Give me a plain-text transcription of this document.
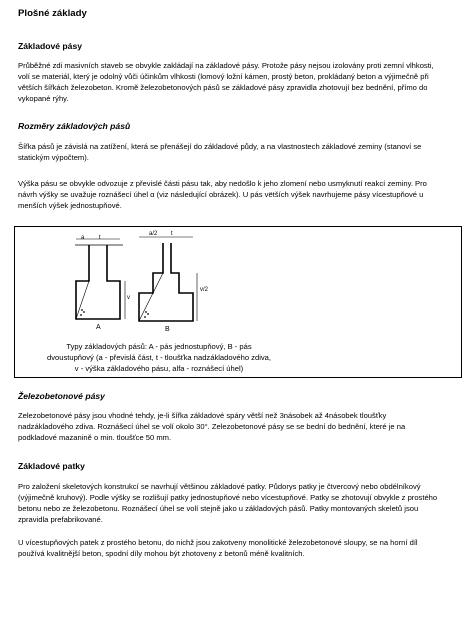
Plošné základy
Základové pásy

Průběžné zdi masivních staveb se obvykle zakládají na základové pásy. Protože pásy nejsou izolovány proti zemní vlhkosti, volí se materiál, který je odolný vůči účinkům vlhkosti (lomový ložní kámen, prostý beton, prokládaný beton a výjimečně při větších šířkách železobeton. Kromě železobetonových pásů se základové pásy zpravidla zhotovují bez bednění, přímo do vykopané rýhy.

Rozměry základových pásů

Šířka pásů je závislá na zatížení, která se přenášejí do základové půdy, a na vlastnostech základové zeminy (stanoví se statickým výpočtem).

Výška pásu se obvykle odvozuje z převislé části pásu tak, aby nedošlo k jeho zlomení nebo usmyknutí reakcí zeminy. Pro návrh výšky se uvažuje roznášecí úhel α (viz následující obrázek). U pás vëtších výšek navrhujeme pásy vícestupňové u menších výšek jednostupňové.

a t
v
a/2 t
v/2
A	B
Typy základových pásů: A - pás jednostupňový, B - pás dvoustupňový (a - převislá část, t - tloušťka nadzákladového zdiva, v - výška základového pásu, alfa - roznášecí úhel)
Železobetonové pásy

Zelezobetonové pásy jsou vhodné tehdy, je-li šířka základové spáry větší než 3násobek až 4násobek tloušťky nadzákladového zdiva. Roznášecí úhel se volí okolo 30°. Zelezobetonové pásy se se bední do bednění, které je na podkladové mazanině o min. tloušťce 50 mm.

Základové patky

Pro založení skeletových konstrukcí se navrhují většinou základové patky. Půdorys patky je čtvercový nebo obdélníkový (výjimečně kruhový). Podle výšky se rozlišují patky jednostupňové nebo vícestupňové. Patky se zhotovují obvykle z prostého betonu nebo ze železobetonu. Roznášecí úhel se volí stejně jako u základových pásů. Patky montovaných skeletů jsou zpravidla prefabrikované.

U vícestupňových patek z prostého betonu, do nichž jsou zakotveny monolitické železobetonové sloupy, se na horní díl používá kvalitnější beton, spodní díly mohou být zhotoveny z betonů méně kvalitních.
